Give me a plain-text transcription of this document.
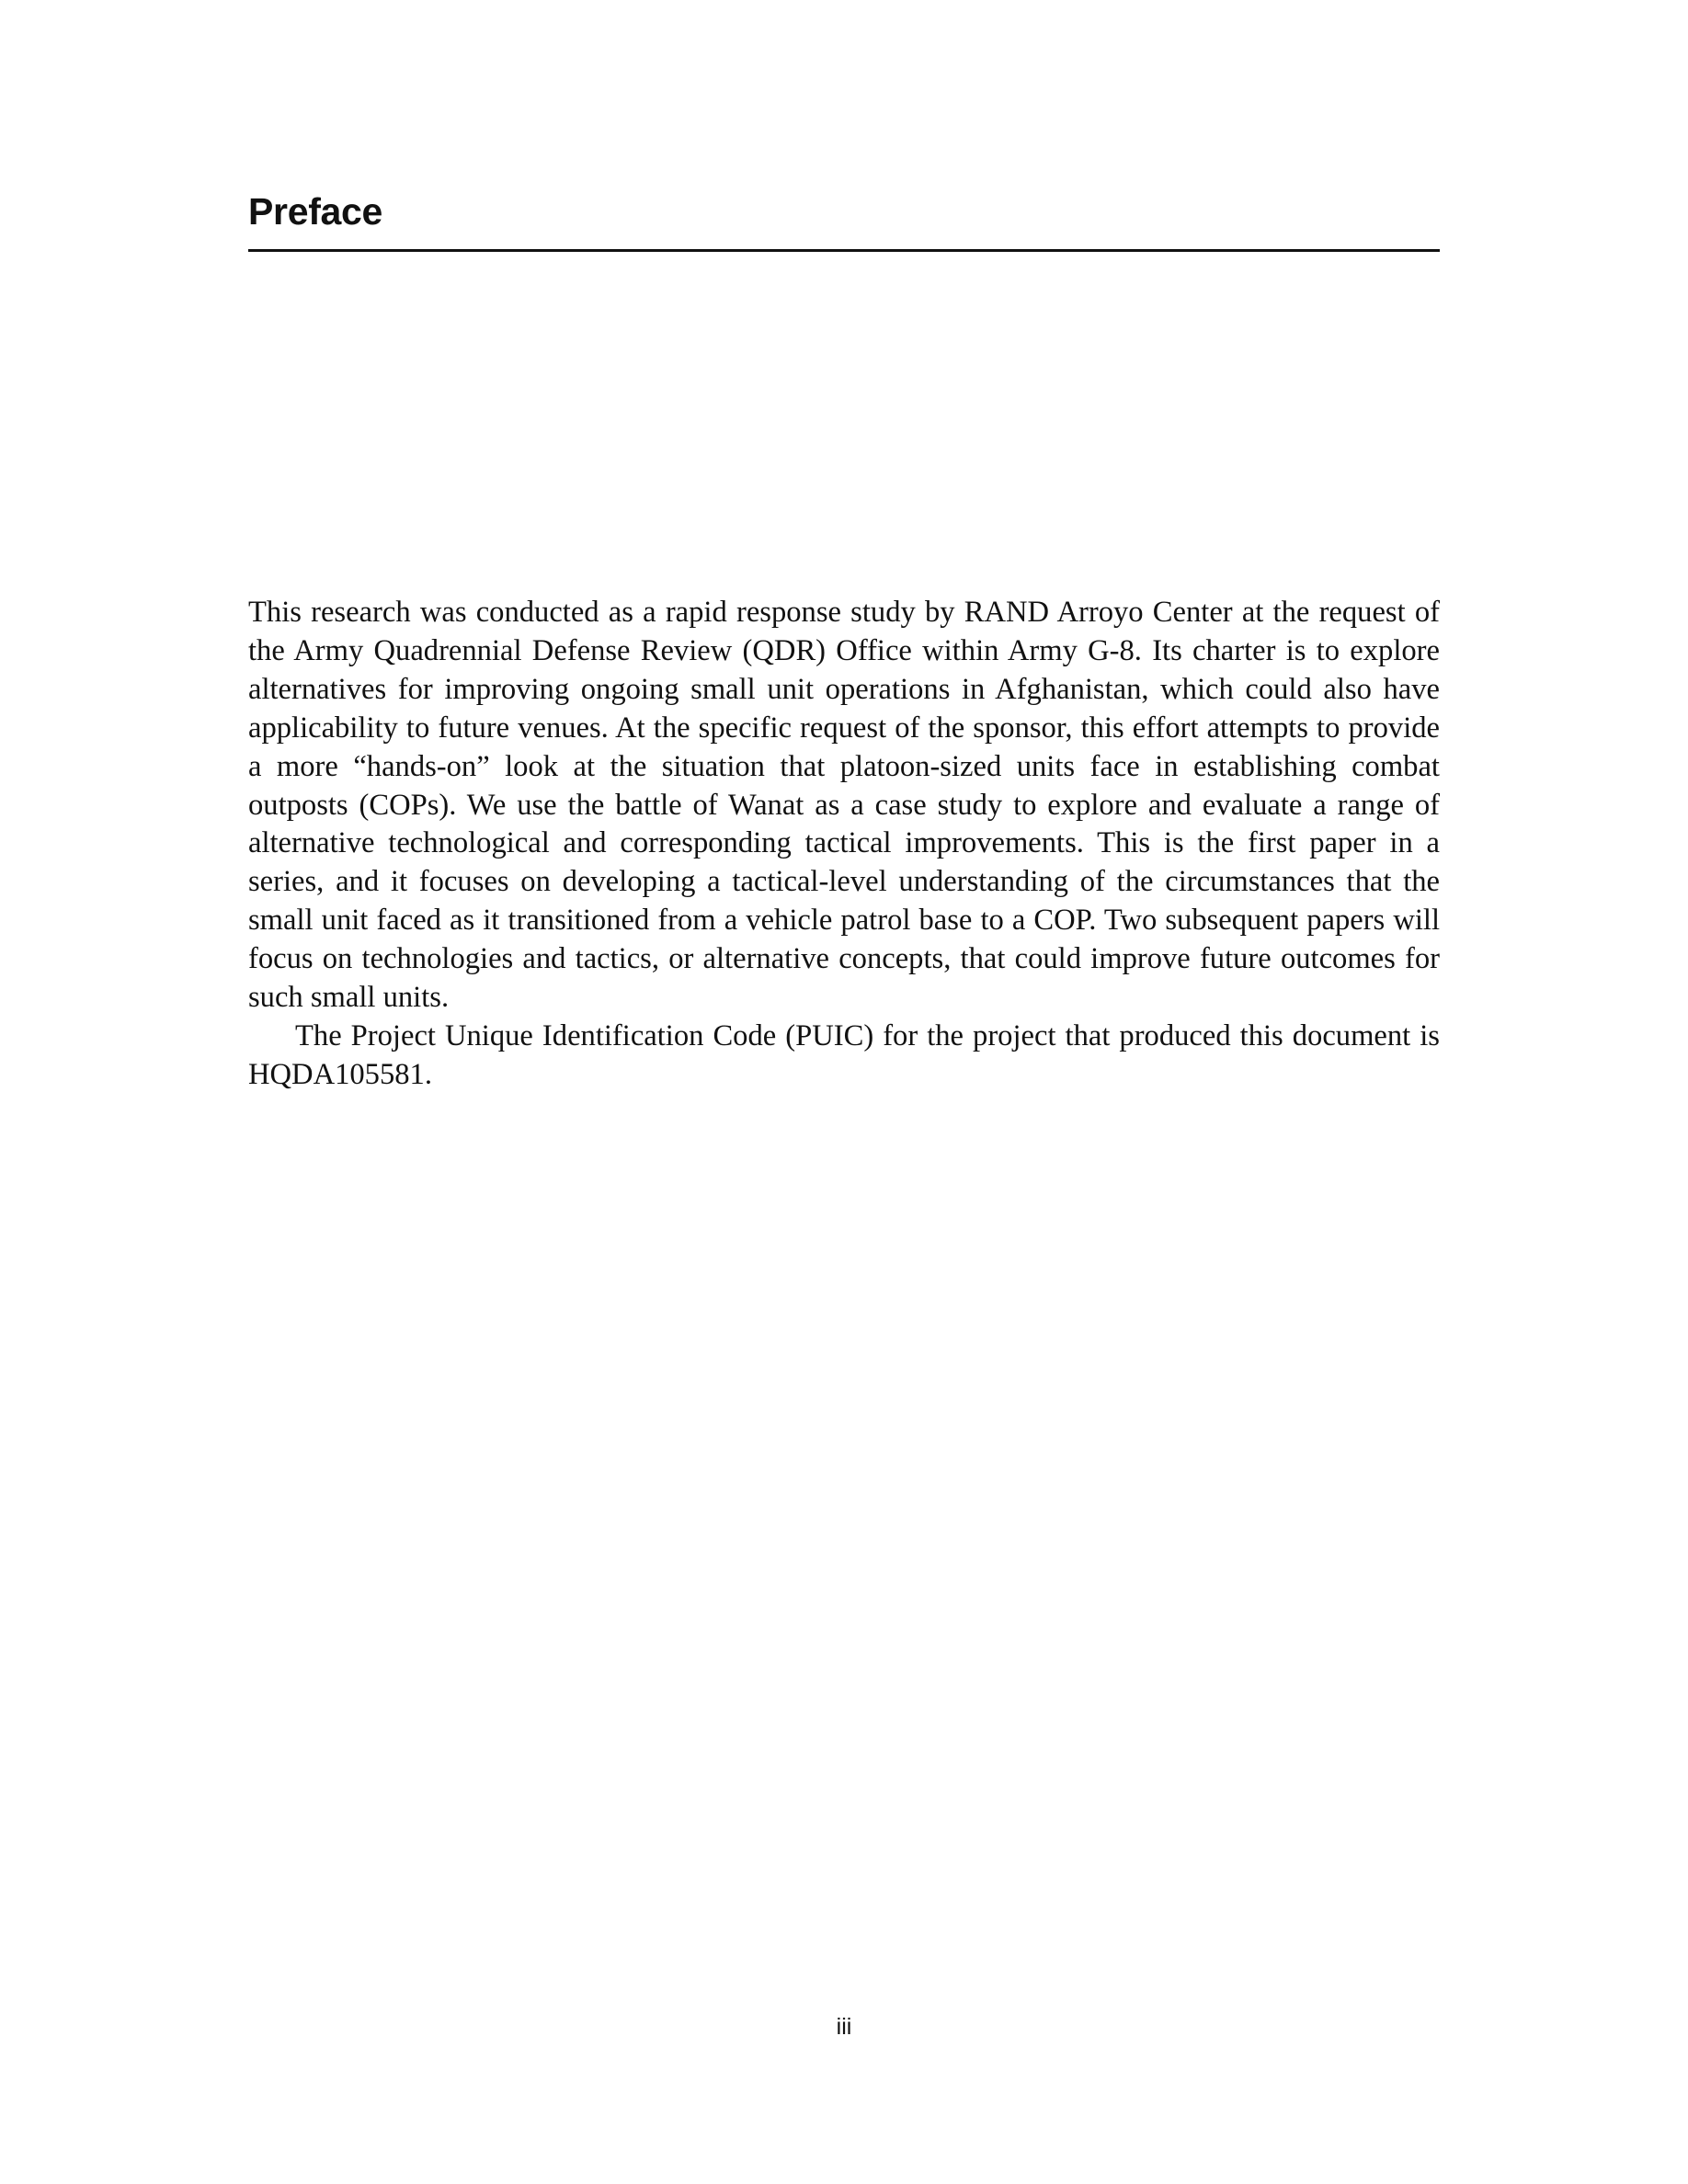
Preface

This research was conducted as a rapid response study by RAND Arroyo Center at the request of the Army Quadrennial Defense Review (QDR) Office within Army G-8. Its charter is to explore alternatives for improving ongoing small unit operations in Afghanistan, which could also have applicability to future venues. At the specific request of the sponsor, this effort attempts to provide a more “hands-on” look at the situation that platoon-sized units face in establishing combat outposts (COPs). We use the battle of Wanat as a case study to explore and evaluate a range of alternative technological and corresponding tactical improvements. This is the first paper in a series, and it focuses on developing a tactical-level understanding of the circumstances that the small unit faced as it transitioned from a vehicle patrol base to a COP. Two subsequent papers will focus on technologies and tactics, or alternative concepts, that could improve future outcomes for such small units.

The Project Unique Identification Code (PUIC) for the project that produced this document is HQDA105581.

iii
